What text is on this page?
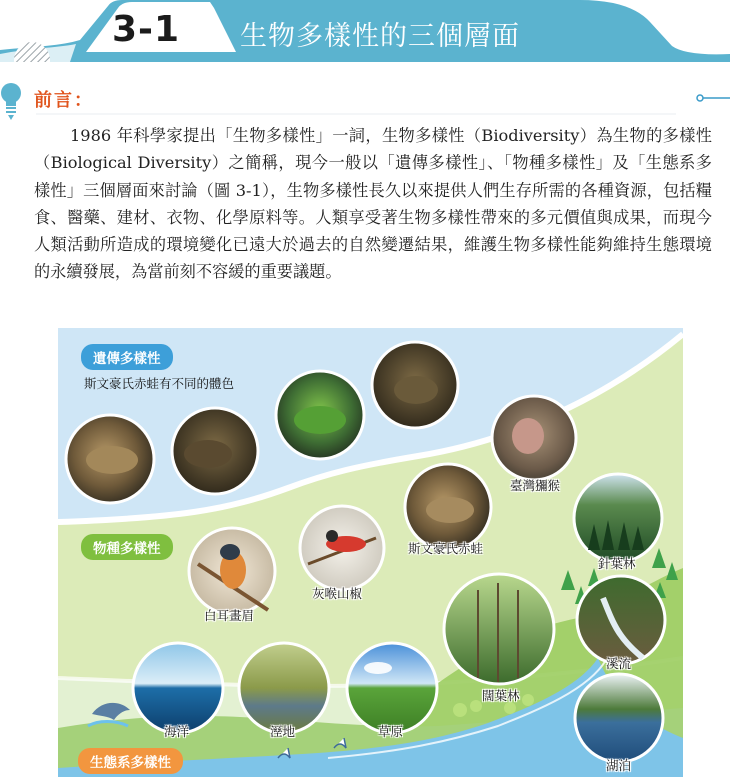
3-1	生物多樣性的三個層面
前言：
1986 年科學家提出「生物多樣性」一詞，生物多樣性（Biodiversity）為生物的多樣性（Biological Diversity）之簡稱，現今一般以「遺傳多樣性」、「物種多樣性」及「生態系多樣性」三個層面來討論（圖 3-1），生物多樣性長久以來提供人們生存所需的各種資源，包括糧食、醫藥、建材、衣物、化學原料等。人類享受著生物多樣性帶來的多元價值與成果，而現今人類活動所造成的環境變化已遠大於過去的自然變遷結果，維護生物多樣性能夠維持生態環境的永續發展，為當前刻不容緩的重要議題。
遺傳多樣性
斯文豪氏赤蛙有不同的體色
物種多樣性
生態系多樣性
臺灣獼猴
斯文豪氏赤蛙
灰喉山椒
白耳畫眉
針葉林
溪流
闊葉林
湖泊
海洋	溼地	草原
